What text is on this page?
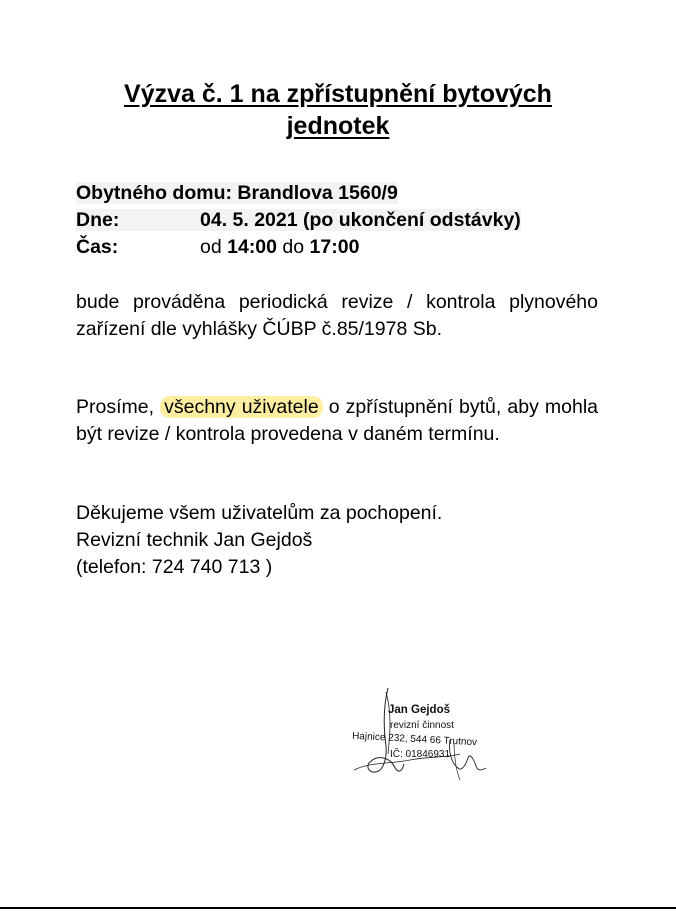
Výzva č. 1 na zpřístupnění bytových
jednotek
Obytného domu: Brandlova 1560/9
Dne:	04. 5. 2021 (po ukončení odstávky)
Čas:	od 14:00 do 17:00
bude prováděna periodická revize / kontrola plynového zařízení dle vyhlášky ČÚBP č.85/1978 Sb.
Prosíme, všechny uživatele o zpřístupnění bytů, aby mohla být revize / kontrola provedena v daném termínu.
Děkujeme všem uživatelům za pochopení.
Revizní technik Jan Gejdoš
(telefon: 724 740 713 )
Jan Gejdoš
revizní činnost
Hajnice 232, 544 66 Trutnov
IČ: 01846931
